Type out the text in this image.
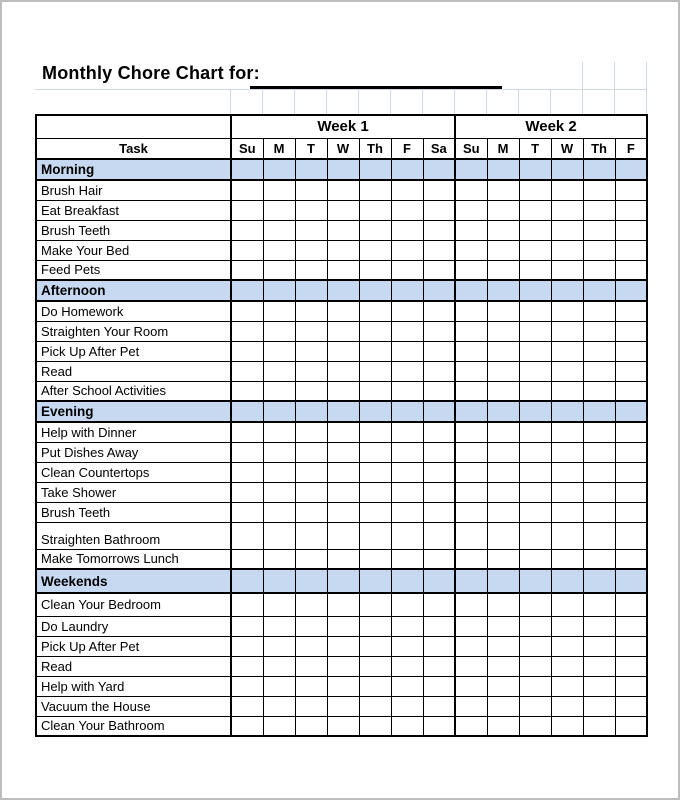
Monthly Chore Chart for:
	Week 1							Week 2					
Task	Su	M	T	W	Th	F	Sa	Su	M	T	W	Th	F
Morning													
Brush Hair													
Eat Breakfast													
Brush Teeth													
Make Your Bed													
Feed Pets													
Afternoon													
Do Homework													
Straighten Your Room													
Pick Up After Pet													
Read													
After School Activities													
Evening													
Help with Dinner													
Put Dishes Away													
Clean Countertops													
Take Shower													
Brush Teeth													
Straighten Bathroom													
Make Tomorrows Lunch													
Weekends													
Clean Your Bedroom													
Do Laundry													
Pick Up After Pet													
Read													
Help with Yard													
Vacuum the House													
Clean Your Bathroom													
